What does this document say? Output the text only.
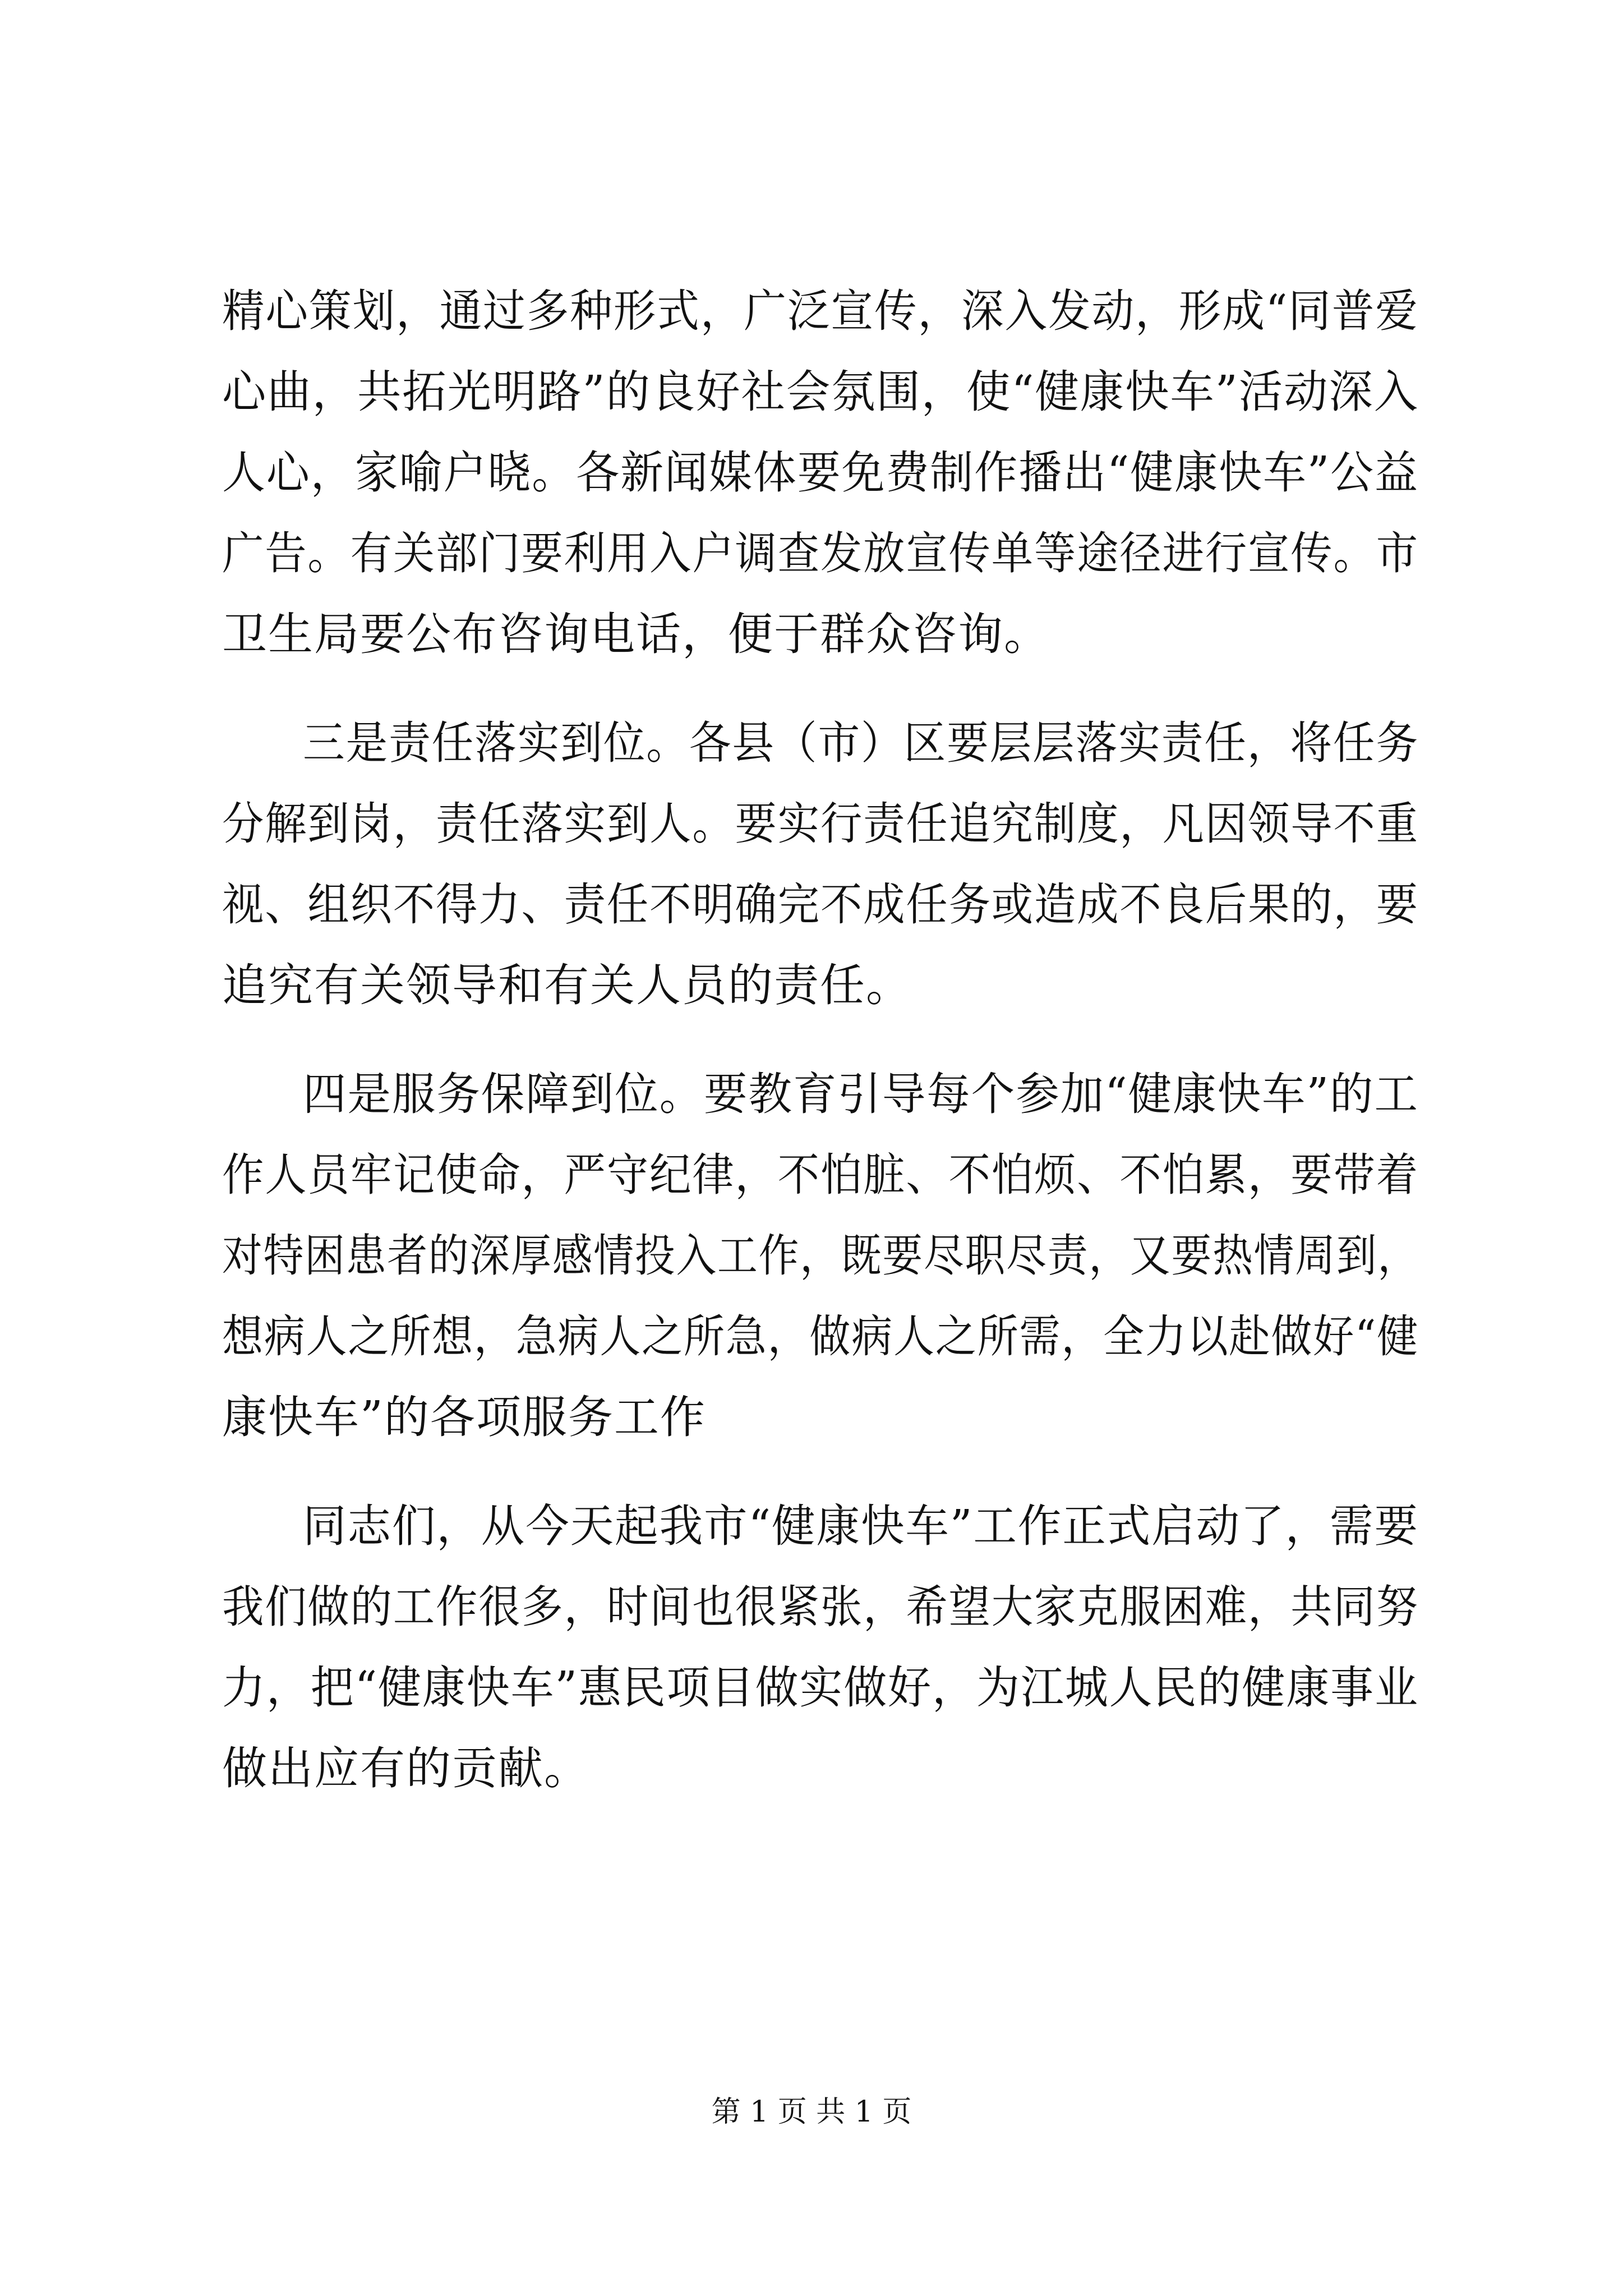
精心策划，通过多种形式，广泛宣传，深入发动，形成“同普爱
心曲，共拓光明路”的良好社会氛围，使“健康快车”活动深入
人心，家喻户晓。各新闻媒体要免费制作播出“健康快车”公益
广告。有关部门要利用入户调查发放宣传单等途径进行宣传。市
卫生局要公布咨询电话，便于群众咨询。
三是责任落实到位。各县（市）区要层层落实责任，将任务
分解到岗，责任落实到人。要实行责任追究制度，凡因领导不重
视、组织不得力、责任不明确完不成任务或造成不良后果的，要
追究有关领导和有关人员的责任。
四是服务保障到位。要教育引导每个参加“健康快车”的工
作人员牢记使命，严守纪律，不怕脏、不怕烦、不怕累，要带着
对特困患者的深厚感情投入工作，既要尽职尽责，又要热情周到，
想病人之所想，急病人之所急，做病人之所需，全力以赴做好“健
康快车”的各项服务工作
同志们，从今天起我市“健康快车”工作正式启动了，需要
我们做的工作很多，时间也很紧张，希望大家克服困难，共同努
力，把“健康快车”惠民项目做实做好，为江城人民的健康事业
做出应有的贡献。
第 1 页 共 1 页
